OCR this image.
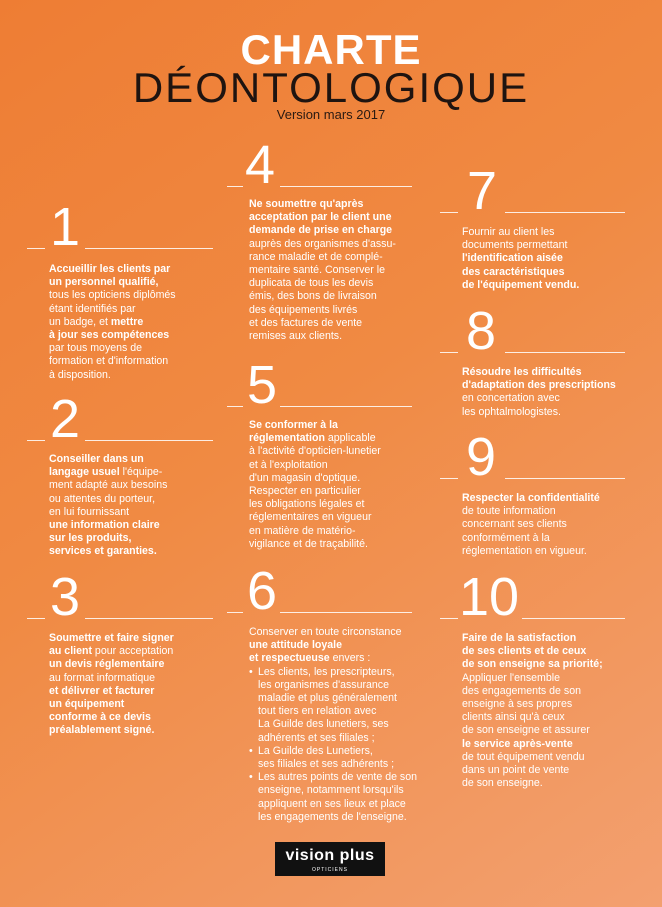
CHARTE
DÉONTOLOGIQUE
Version mars 2017
1
Accueillir les clients par
un personnel qualifié,
tous les opticiens diplômés
étant identifiés par
un badge, et mettre
à jour ses compétences
par tous moyens de
formation et d'information
à disposition.
2
Conseiller dans un
langage usuel l'équipe-
ment adapté aux besoins
ou attentes du porteur,
en lui fournissant
une information claire
sur les produits,
services et garanties.
3
Soumettre et faire signer
au client pour acceptation
un devis réglementaire
au format informatique
et délivrer et facturer
un équipement
conforme à ce devis
préalablement signé.
4
Ne soumettre qu'après
acceptation par le client une
demande de prise en charge
auprès des organismes d'assu-
rance maladie et de complé-
mentaire santé. Conserver le
duplicata de tous les devis
émis, des bons de livraison
des équipements livrés
et des factures de vente
remises aux clients.
5
Se conformer à la
réglementation applicable
à l'activité d'opticien-lunetier
et à l'exploitation
d'un magasin d'optique.
Respecter en particulier
les obligations légales et
réglementaires en vigueur
en matière de matério-
vigilance et de traçabilité.
6
Conserver en toute circonstance
une attitude loyale
et respectueuse envers :
• Les clients, les prescripteurs,
les organismes d'assurance
maladie et plus généralement
tout tiers en relation avec
La Guilde des lunetiers, ses
adhérents et ses filiales ;
• La Guilde des Lunetiers,
ses filiales et ses adhérents ;
• Les autres points de vente de son
enseigne, notamment lorsqu'ils
appliquent en ses lieux et place
les engagements de l'enseigne.
7
Fournir au client les
documents permettant
l'identification aisée
des caractéristiques
de l'équipement vendu.
8
Résoudre les difficultés
d'adaptation des prescriptions
en concertation avec
les ophtalmologistes.
9
Respecter la confidentialité
de toute information
concernant ses clients
conformément à la
réglementation en vigueur.
10
Faire de la satisfaction
de ses clients et de ceux
de son enseigne sa priorité;
Appliquer l'ensemble
des engagements de son
enseigne à ses propres
clients ainsi qu'à ceux
de son enseigne et assurer
le service après-vente
de tout équipement vendu
dans un point de vente
de son enseigne.
vision plus
OPTICIENS
